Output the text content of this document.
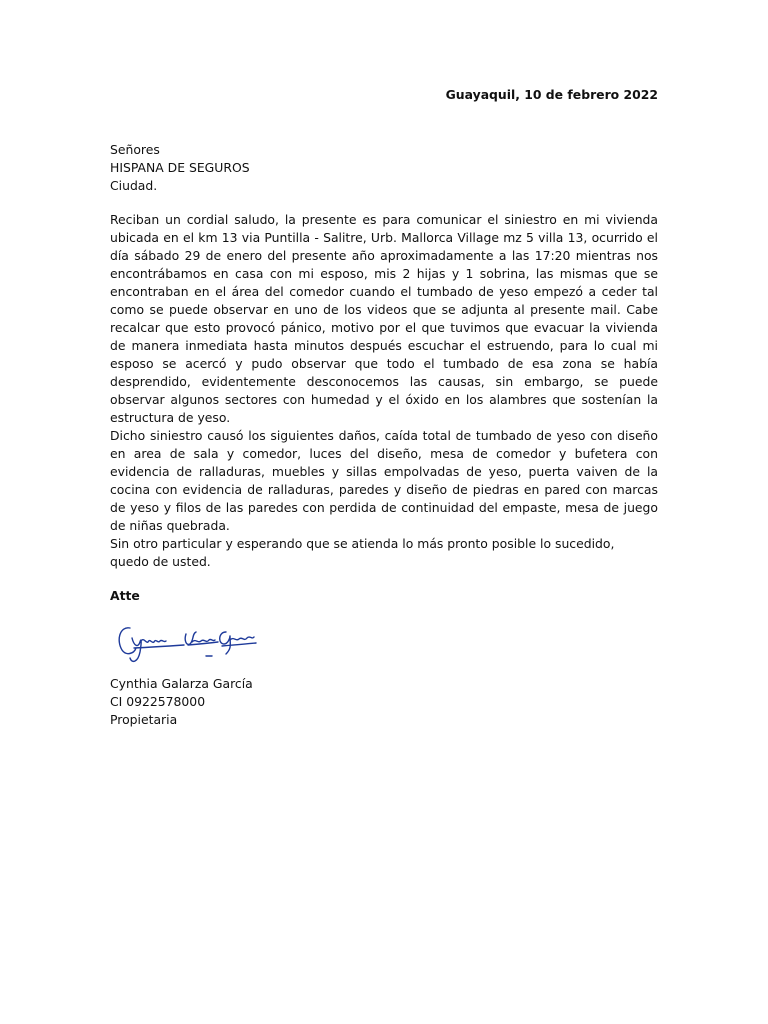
Guayaquil, 10 de febrero 2022
Señores
HISPANA DE SEGUROS
Ciudad.

Reciban un cordial saludo, la presente es para comunicar el siniestro en mi vivienda ubicada en el km 13 via Puntilla - Salitre, Urb. Mallorca Village mz 5 villa 13, ocurrido el día sábado 29 de enero del presente año aproximadamente a las 17:20 mientras nos encontrábamos en casa con mi esposo, mis 2 hijas y 1 sobrina, las mismas que se encontraban en el área del comedor cuando el tumbado de yeso empezó a ceder tal como se puede observar en uno de los videos que se adjunta al presente mail. Cabe recalcar que esto provocó pánico, motivo por el que tuvimos que evacuar la vivienda de manera inmediata hasta minutos después escuchar el estruendo, para lo cual mi esposo se acercó y pudo observar que todo el tumbado de esa zona se había desprendido, evidentemente desconocemos las causas, sin embargo, se puede observar algunos sectores con humedad y el óxido en los alambres que sostenían la estructura de yeso.

Dicho siniestro causó los siguientes daños, caída total de tumbado de yeso con diseño en area de sala y comedor, luces del diseño, mesa de comedor y bufetera con evidencia de ralladuras, muebles y sillas empolvadas de yeso, puerta vaiven de la cocina con evidencia de ralladuras, paredes y diseño de piedras en pared con marcas de yeso y filos de las paredes con perdida de continuidad del empaste, mesa de juego de niñas quebrada.

Sin otro particular y esperando que se atienda lo más pronto posible lo sucedido,

quedo de usted.

Atte
Cynthia Galarza García
CI 0922578000
Propietaria
